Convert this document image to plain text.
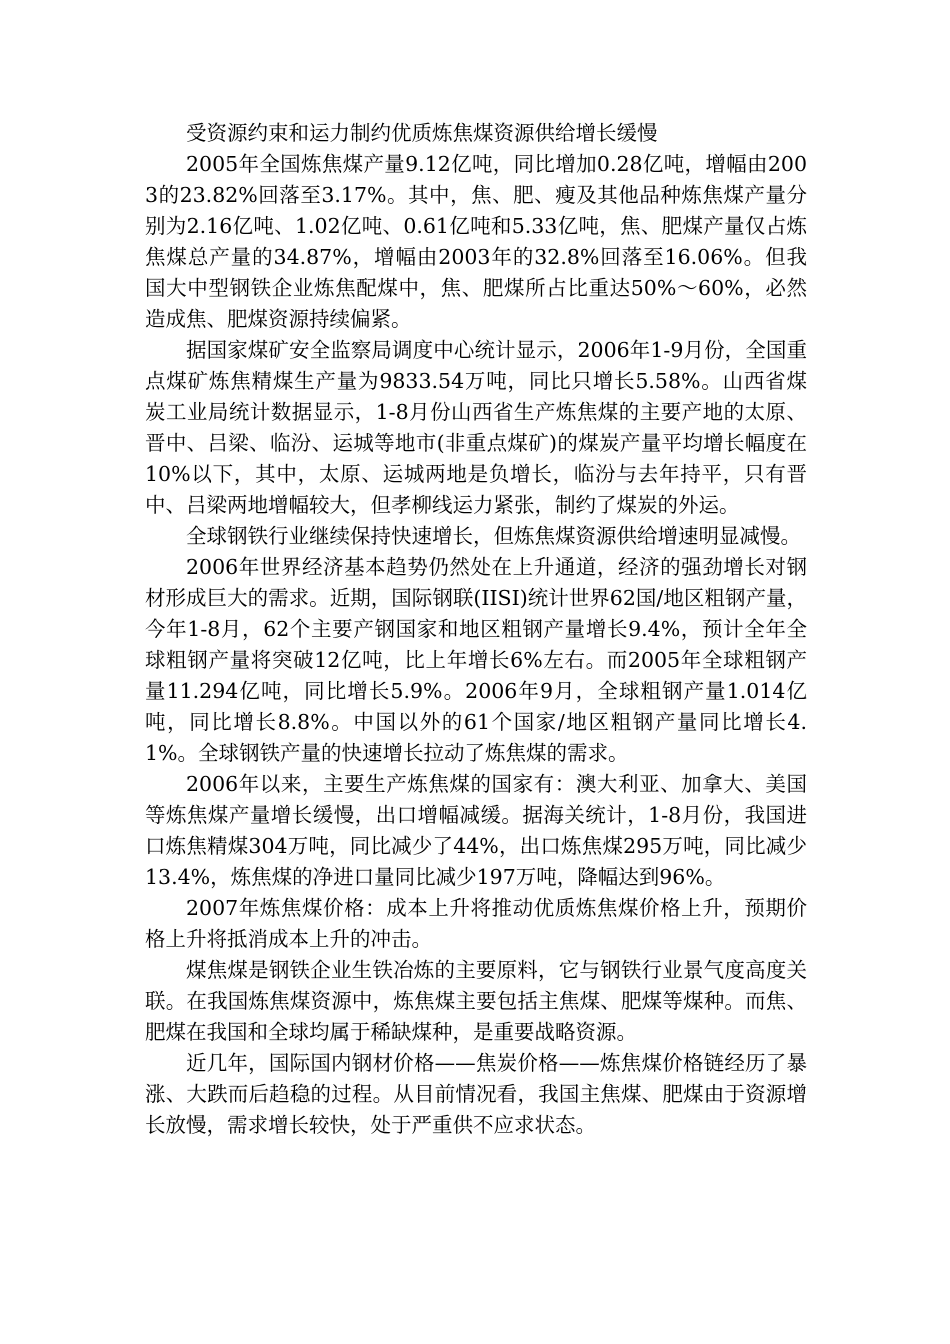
受资源约束和运力制约优质炼焦煤资源供给增长缓慢

2005年全国炼焦煤产量9.12亿吨，同比增加0.28亿吨，增幅由2003的23.82%回落至3.17%。其中，焦、肥、瘦及其他品种炼焦煤产量分别为2.16亿吨、1.02亿吨、0.61亿吨和5.33亿吨，焦、肥煤产量仅占炼焦煤总产量的34.87%，增幅由2003年的32.8%回落至16.06%。但我国大中型钢铁企业炼焦配煤中，焦、肥煤所占比重达50%～60%，必然造成焦、肥煤资源持续偏紧。

据国家煤矿安全监察局调度中心统计显示，2006年1-9月份，全国重点煤矿炼焦精煤生产量为9833.54万吨，同比只增长5.58%。山西省煤炭工业局统计数据显示，1-8月份山西省生产炼焦煤的主要产地的太原、晋中、吕梁、临汾、运城等地市(非重点煤矿)的煤炭产量平均增长幅度在10%以下，其中，太原、运城两地是负增长，临汾与去年持平，只有晋中、吕梁两地增幅较大，但孝柳线运力紧张，制约了煤炭的外运。

全球钢铁行业继续保持快速增长，但炼焦煤资源供给增速明显减慢。

2006年世界经济基本趋势仍然处在上升通道，经济的强劲增长对钢材形成巨大的需求。近期，国际钢联(IISI)统计世界62国/地区粗钢产量，今年1-8月，62个主要产钢国家和地区粗钢产量增长9.4%，预计全年全球粗钢产量将突破12亿吨，比上年增长6%左右。而2005年全球粗钢产量11.294亿吨，同比增长5.9%。2006年9月，全球粗钢产量1.014亿吨，同比增长8.8%。中国以外的61个国家/地区粗钢产量同比增长4.1%。全球钢铁产量的快速增长拉动了炼焦煤的需求。

2006年以来，主要生产炼焦煤的国家有：澳大利亚、加拿大、美国等炼焦煤产量增长缓慢，出口增幅减缓。据海关统计，1-8月份，我国进口炼焦精煤304万吨，同比减少了44%，出口炼焦煤295万吨，同比减少13.4%，炼焦煤的净进口量同比减少197万吨，降幅达到96%。

2007年炼焦煤价格：成本上升将推动优质炼焦煤价格上升，预期价格上升将抵消成本上升的冲击。

煤焦煤是钢铁企业生铁冶炼的主要原料，它与钢铁行业景气度高度关联。在我国炼焦煤资源中，炼焦煤主要包括主焦煤、肥煤等煤种。而焦、肥煤在我国和全球均属于稀缺煤种，是重要战略资源。

近几年，国际国内钢材价格——焦炭价格——炼焦煤价格链经历了暴涨、大跌而后趋稳的过程。从目前情况看，我国主焦煤、肥煤由于资源增长放慢，需求增长较快，处于严重供不应求状态。
